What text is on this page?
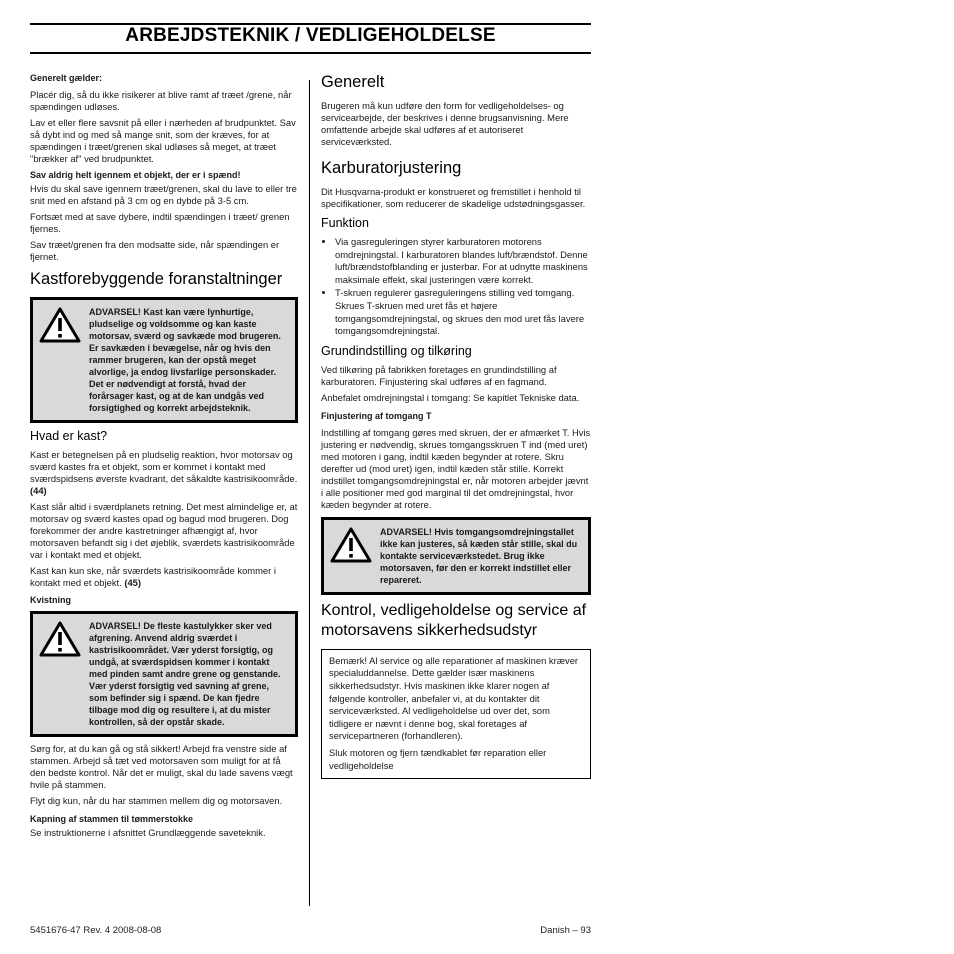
ARBEJDSTEKNIK / VEDLIGEHOLDELSE
Generelt gælder:

Placér dig, så du ikke risikerer at blive ramt af træet /grene, når spændingen udløses.

Lav et eller flere savsnit på eller i nærheden af brudpunktet. Sav så dybt ind og med så mange snit, som der kræves, for at spændingen i træet/grenen skal udløses så meget, at træet "brækker af" ved brudpunktet.

Sav aldrig helt igennem et objekt, der er i spænd!

Hvis du skal save igennem træet/grenen, skal du lave to eller tre snit med en afstand på 3 cm og en dybde på 3-5 cm.

Fortsæt med at save dybere, indtil spændingen i træet/ grenen fjernes.

Sav træet/grenen fra den modsatte side, når spændingen er fjernet.

Kastforebyggende foranstaltninger
ADVARSEL! Kast kan være lynhurtige, pludselige og voldsomme og kan kaste motorsav, sværd og savkæde mod brugeren. Er savkæden i bevægelse, når og hvis den rammer brugeren, kan der opstå meget alvorlige, ja endog livsfarlige personskader. Det er nødvendigt at forstå, hvad der forårsager kast, og at de kan undgås ved forsigtighed og korrekt arbejdsteknik.
Hvad er kast?

Kast er betegnelsen på en pludselig reaktion, hvor motorsav og sværd kastes fra et objekt, som er kommet i kontakt med sværdspidsens øverste kvadrant, det såkaldte kastrisikoområde. (44)

Kast slår altid i sværdplanets retning. Det mest almindelige er, at motorsav og sværd kastes opad og bagud mod brugeren. Dog forekommer der andre kastretninger afhængigt af, hvor motorsaven befandt sig i det øjeblik, sværdets kastrisikoområde var i kontakt med et objekt.

Kast kan kun ske, når sværdets kastrisikoområde kommer i kontakt med et objekt. (45)

Kvistning
ADVARSEL! De fleste kastulykker sker ved afgrening. Anvend aldrig sværdet i kastrisikoområdet. Vær yderst forsigtig, og undgå, at sværdspidsen kommer i kontakt med pinden samt andre grene og genstande. Vær yderst forsigtig ved savning af grene, som befinder sig i spænd. De kan fjedre tilbage mod dig og resultere i, at du mister kontrollen, så der opstår skade.

Sørg for, at du kan gå og stå sikkert! Arbejd fra venstre side af stammen. Arbejd så tæt ved motorsaven som muligt for at få den bedste kontrol. Når det er muligt, skal du lade savens vægt hvile på stammen.

Flyt dig kun, når du har stammen mellem dig og motorsaven.

Kapning af stammen til tømmerstokke

Se instruktionerne i afsnittet Grundlæggende saveteknik.

Generelt

Brugeren må kun udføre den form for vedligeholdelses- og servicearbejde, der beskrives i denne brugsanvisning. Mere omfattende arbejde skal udføres af et autoriseret serviceværksted.

Karburatorjustering

Dit Husqvarna-produkt er konstrueret og fremstillet i henhold til specifikationer, som reducerer de skadelige udstødningsgasser.

Funktion
• Via gasreguleringen styrer karburatoren motorens omdrejningstal. I karburatoren blandes luft/brændstof. Denne luft/brændstofblanding er justerbar. For at udnytte maskinens maksimale effekt, skal justeringen være korrekt.
• T-skruen regulerer gasreguleringens stilling ved tomgang. Skrues T-skruen med uret fås et højere tomgangsomdrejningstal, og skrues den mod uret fås lavere tomgangsomdrejningstal.
Grundindstilling og tilkøring

Ved tilkøring på fabrikken foretages en grundindstilling af karburatoren. Finjustering skal udføres af en fagmand.

Anbefalet omdrejningstal i tomgang: Se kapitlet Tekniske data.

Finjustering af tomgang T

Indstilling af tomgang gøres med skruen, der er afmærket T. Hvis justering er nødvendig, skrues tomgangsskruen T ind (med uret) med motoren i gang, indtil kæden begynder at rotere. Skru derefter ud (mod uret) igen, indtil kæden står stille. Korrekt indstillet tomgangsomdrejningstal er, når motoren arbejder jævnt i alle positioner med god marginal til det omdrejningstal, hvor kæden begynder at rotere.

ADVARSEL! Hvis tomgangsomdrejningstallet ikke kan justeres, så kæden står stille, skal du kontakte serviceværkstedet. Brug ikke motorsaven, før den er korrekt indstillet eller repareret.
Kontrol, vedligeholdelse og service af motorsavens sikkerhedsudstyr

Bemærk! Al service og alle reparationer af maskinen kræver specialuddannelse. Dette gælder især maskinens sikkerhedsudstyr. Hvis maskinen ikke klarer nogen af følgende kontroller, anbefaler vi, at du kontakter dit serviceværksted. Al vedligeholdelse ud over det, som tidligere er nævnt i denne bog, skal foretages af servicepartneren (forhandleren).

Sluk motoren og fjern tændkablet før reparation eller vedligeholdelse

5451676-47 Rev. 4 2008-08-08	Danish – 93
